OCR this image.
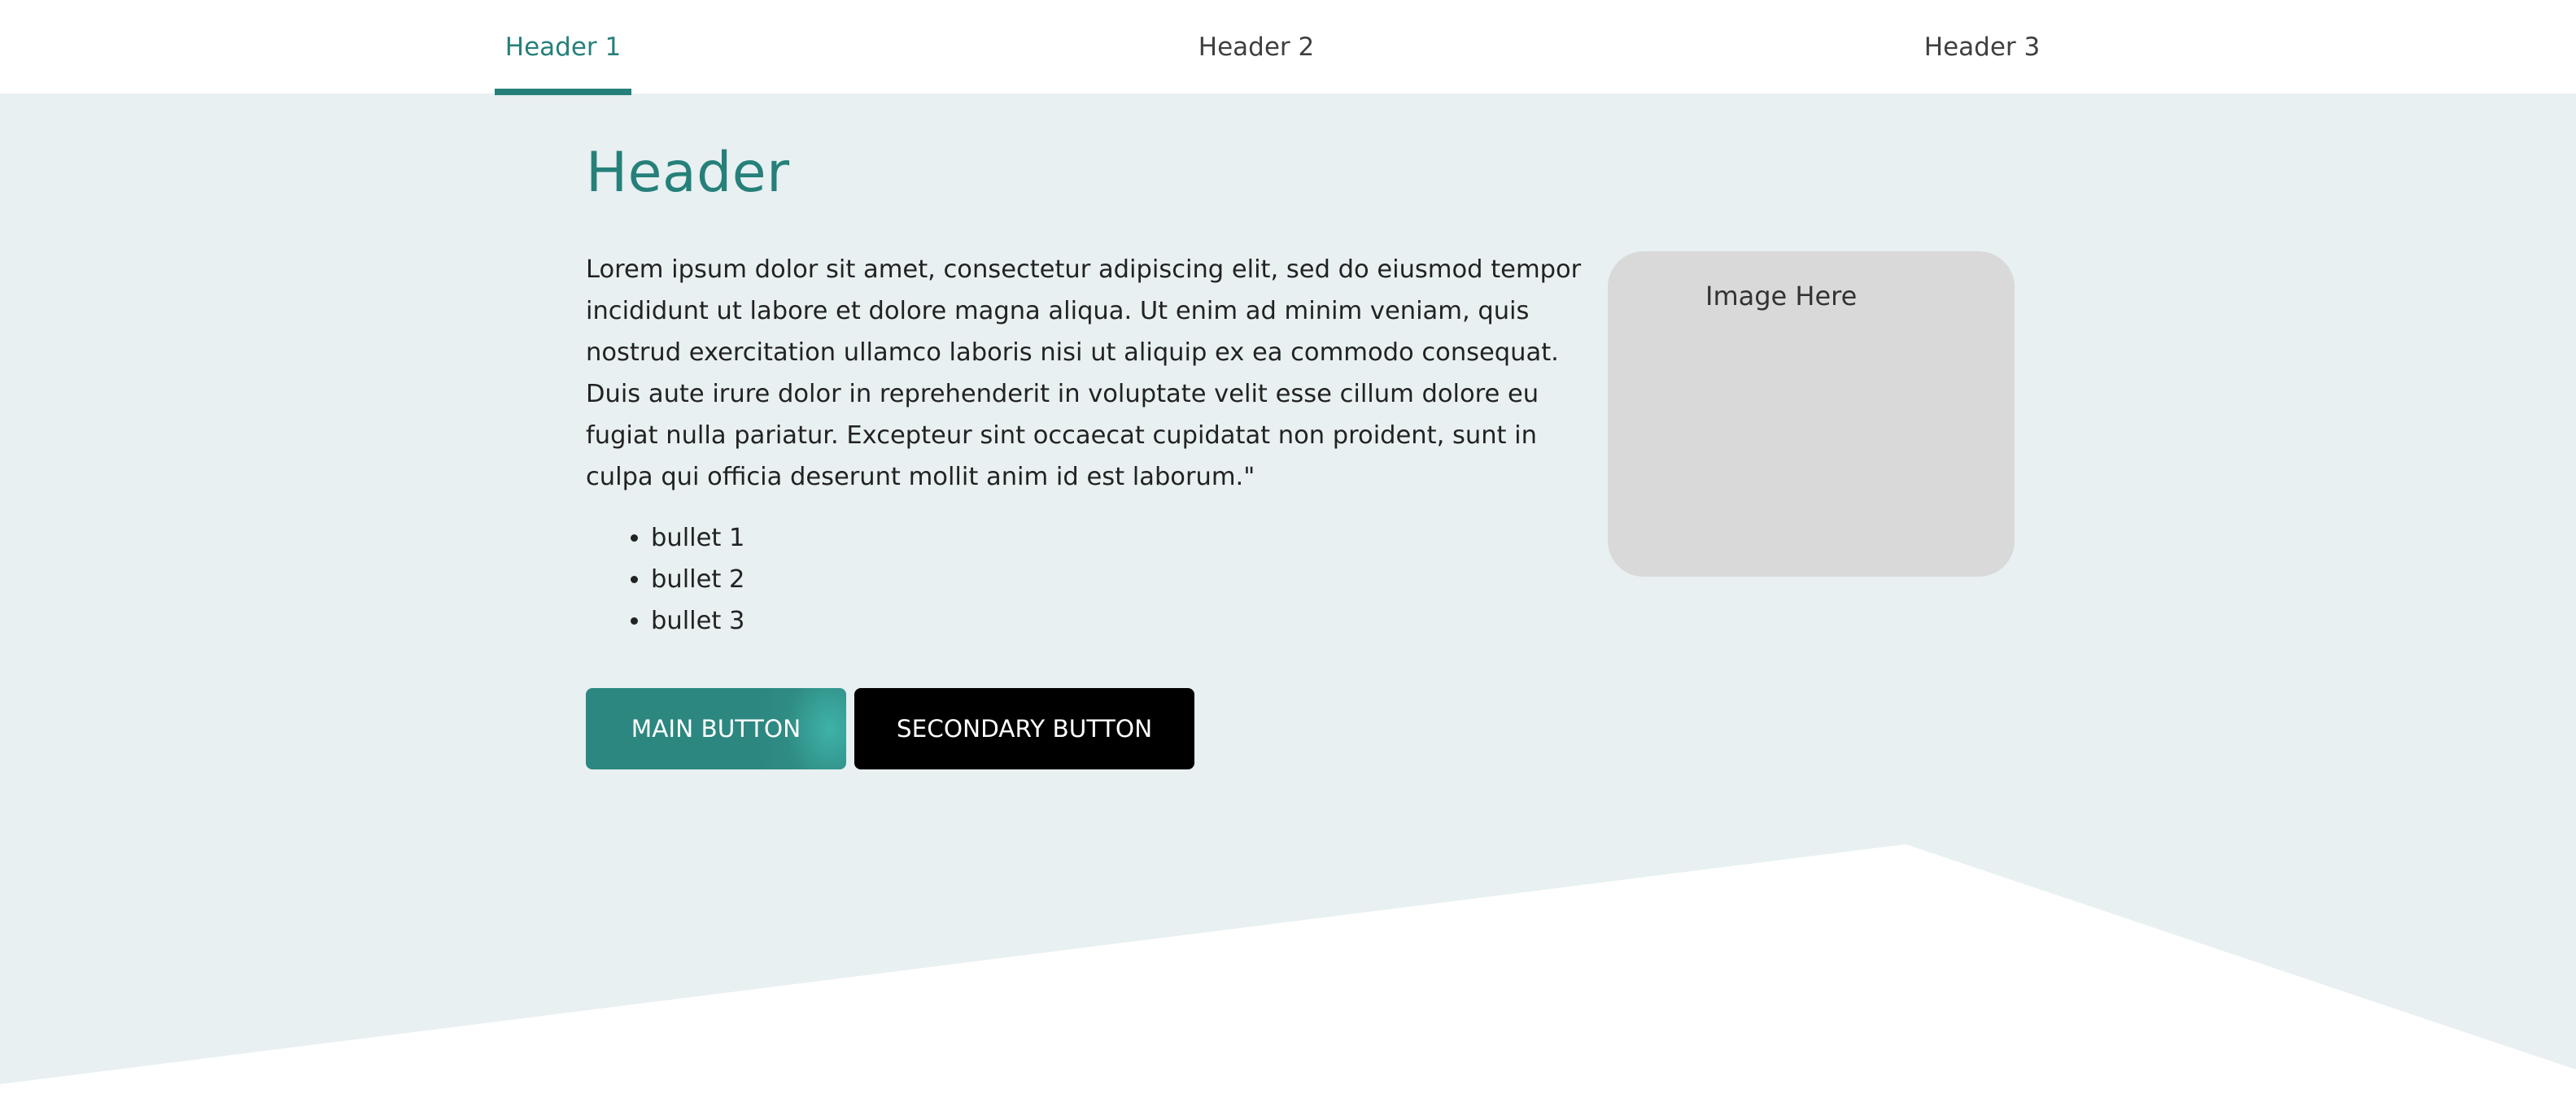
Header 1	Header 2	Header 3
Header

Lorem ipsum dolor sit amet, consectetur adipiscing elit, sed do eiusmod tempor incididunt ut labore et dolore magna aliqua. Ut enim ad minim veniam, quis nostrud exercitation ullamco laboris nisi ut aliquip ex ea commodo consequat. Duis aute irure dolor in reprehenderit in voluptate velit esse cillum dolore eu fugiat nulla pariatur. Excepteur sint occaecat cupidatat non proident, sunt in culpa qui officia deserunt mollit anim id est laborum."

• bullet 1
• bullet 2
• bullet 3
Image Here
MAIN BUTTON	SECONDARY BUTTON
